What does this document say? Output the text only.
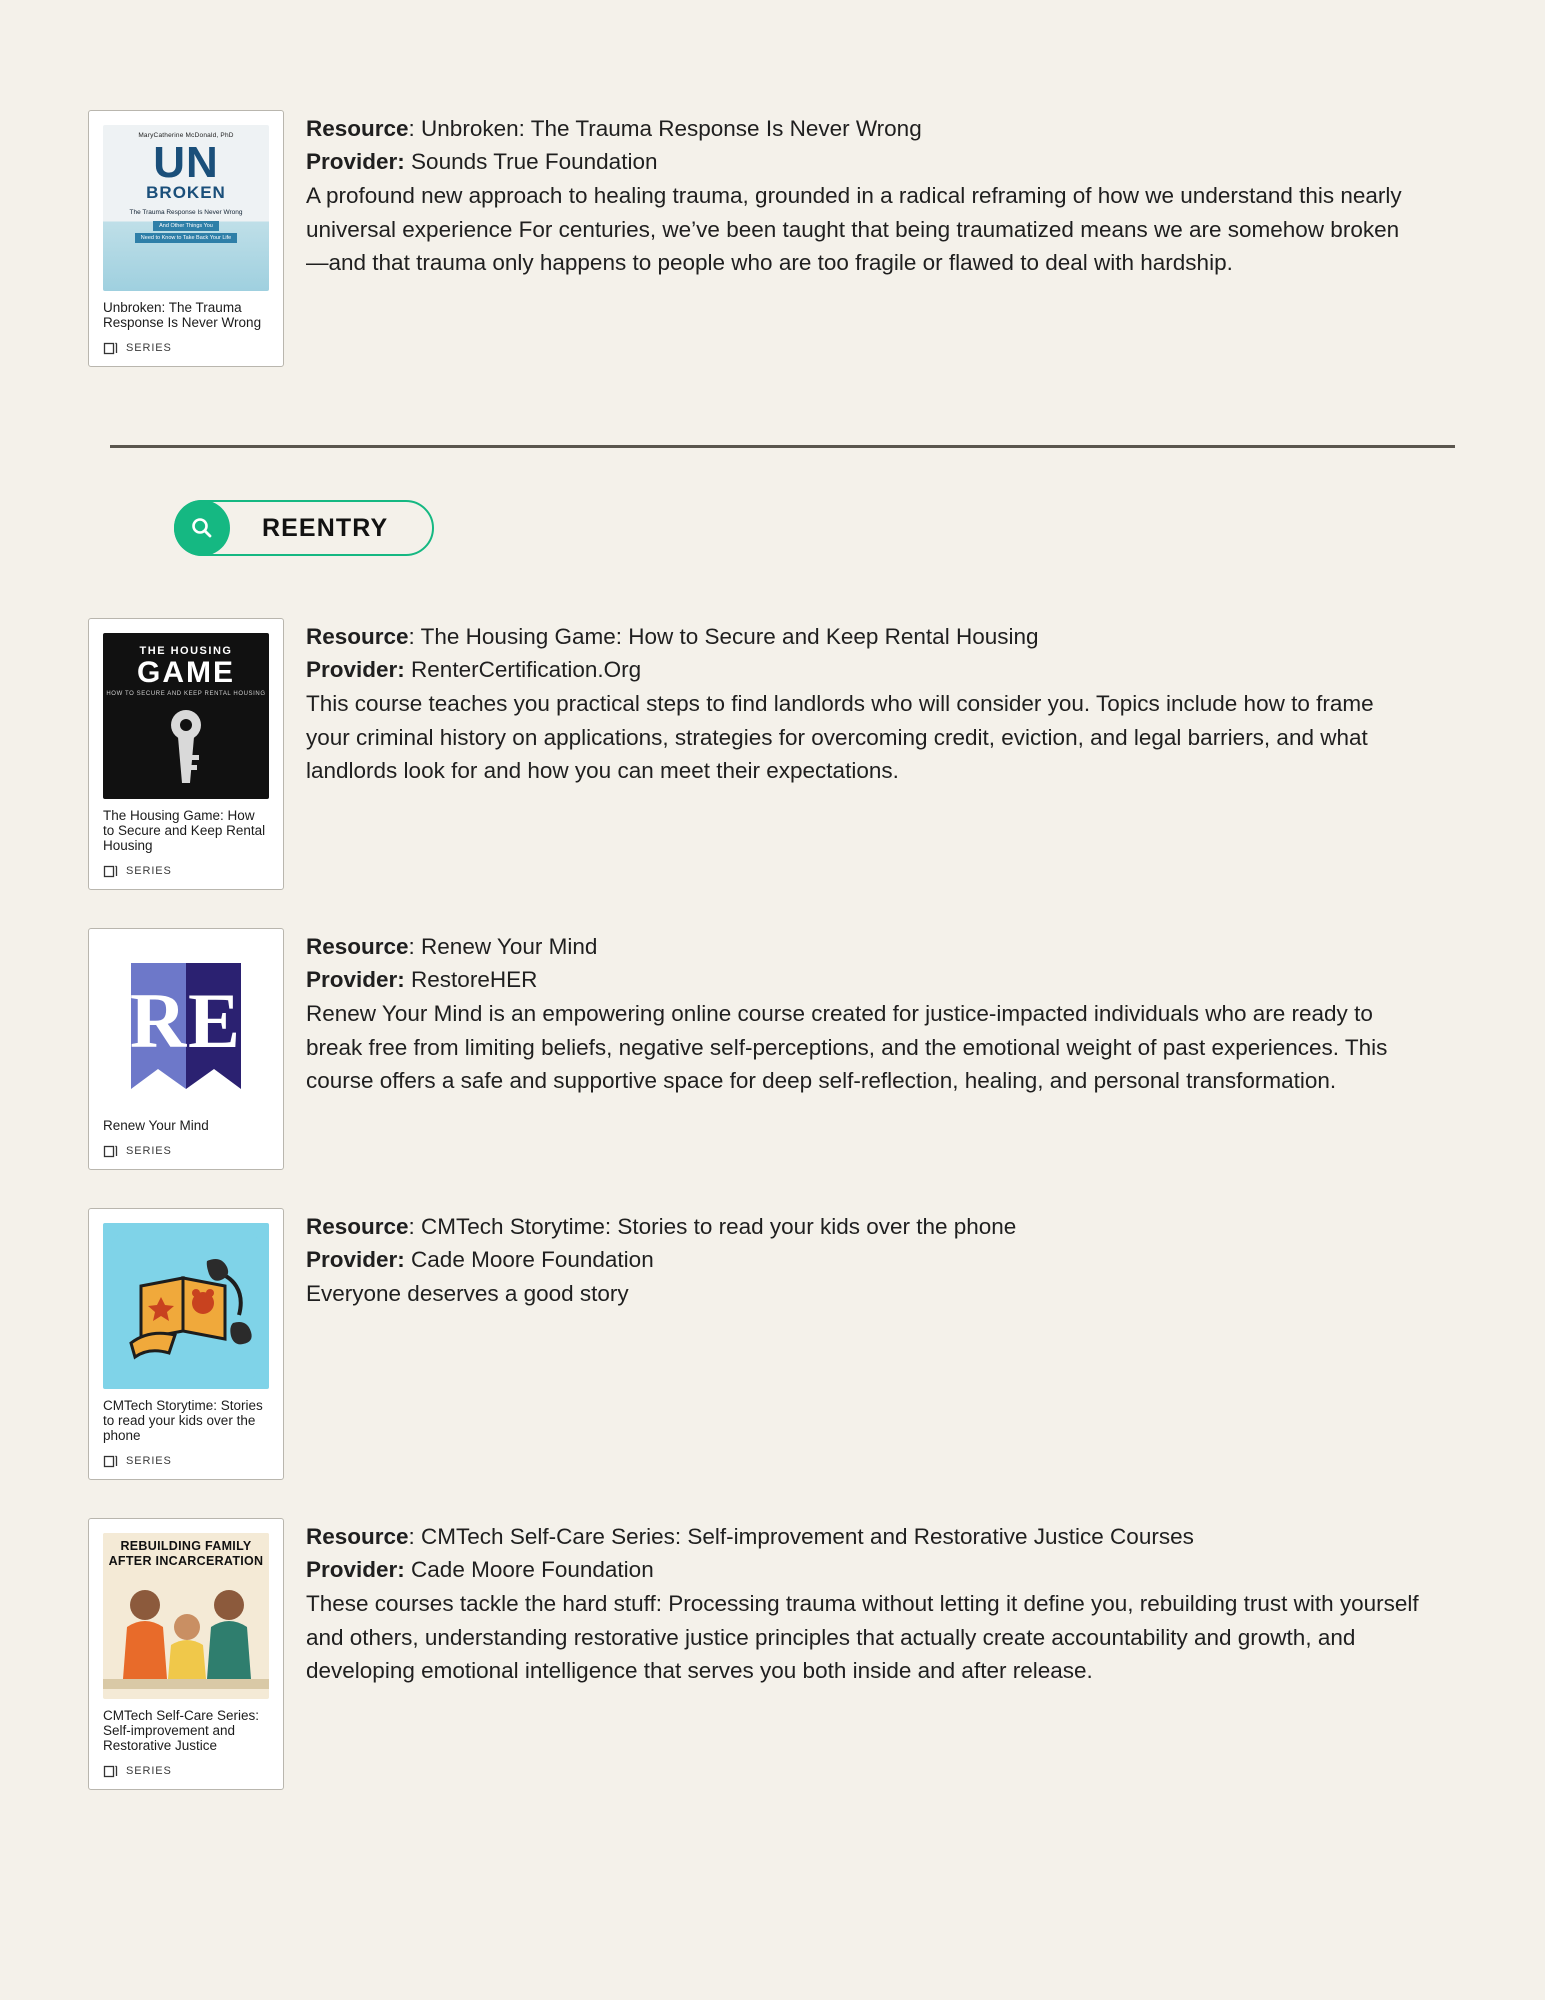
MaryCatherine McDonald, PhD
UN
BROKEN
The Trauma Response Is Never Wrong
And Other Things You
Need to Know to Take Back Your Life
Unbroken: The Trauma Response Is Never Wrong
SERIES
Resource: Unbroken: The Trauma Response Is Never Wrong
Provider: Sounds True Foundation
A profound new approach to healing trauma, grounded in a radical reframing of how we understand this nearly universal experience For centuries, we’ve been taught that being traumatized means we are somehow broken—and that trauma only happens to people who are too fragile or flawed to deal with hardship.
REENTRY
THE HOUSING
GAME
HOW TO SECURE AND KEEP RENTAL HOUSING
The Housing Game: How to Secure and Keep Rental Housing
SERIES
Resource: The Housing Game: How to Secure and Keep Rental Housing
Provider: RenterCertification.Org
This course teaches you practical steps to find landlords who will consider you. Topics include how to frame your criminal history on applications, strategies for overcoming credit, eviction, and legal barriers, and what landlords look for and how you can meet their expectations.
R E
Renew Your Mind
SERIES
Resource: Renew Your Mind
Provider: RestoreHER
Renew Your Mind is an empowering online course created for justice-impacted individuals who are ready to break free from limiting beliefs, negative self-perceptions, and the emotional weight of past experiences. This course offers a safe and supportive space for deep self-reflection, healing, and personal transformation.
CMTech Storytime: Stories to read your kids over the phone
SERIES
Resource: CMTech Storytime: Stories to read your kids over the phone
Provider: Cade Moore Foundation
Everyone deserves a good story
REBUILDING FAMILY
AFTER INCARCERATION
CMTech Self-Care Series: Self-improvement and Restorative Justice
SERIES
Resource: CMTech Self-Care Series: Self-improvement and Restorative Justice Courses
Provider: Cade Moore Foundation
These courses tackle the hard stuff: Processing trauma without letting it define you, rebuilding trust with yourself and others, understanding restorative justice principles that actually create accountability and growth, and developing emotional intelligence that serves you both inside and after release.
